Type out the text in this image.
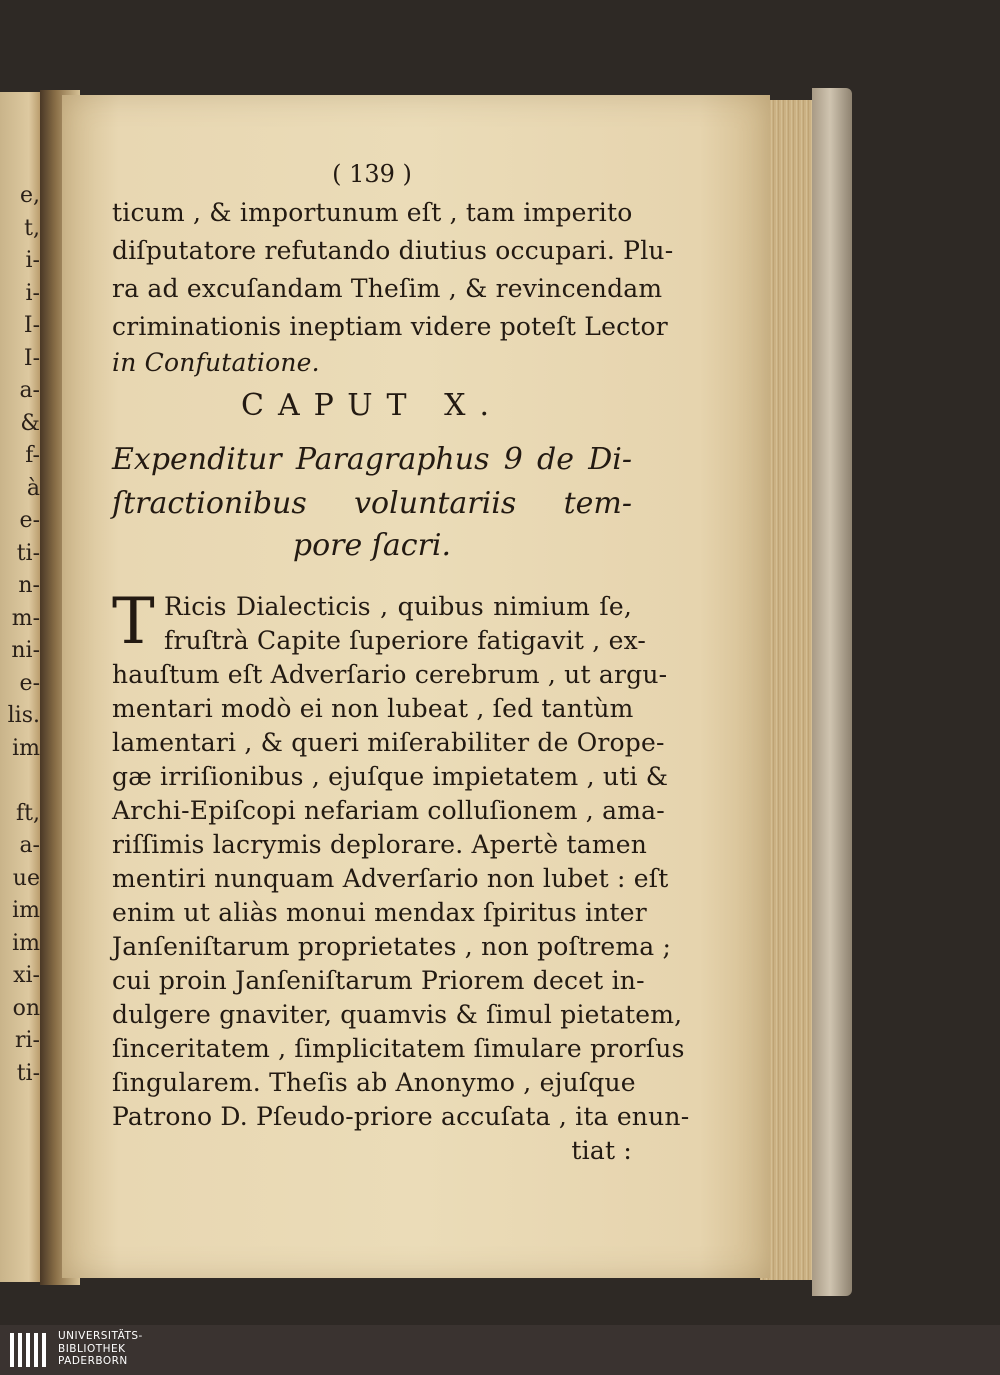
e,
t,
i-
i-
I-
I-
a-
&
f-
à
e-
ti-
n-
m-
ni-
e-
lis.
im
ft,
a-
ue
im
im
xi-
on
ri-
ti-
( 139 )
ticum , & importunum eſt , tam imperito
diſputatore refutando diutius occupari. Plu-
ra ad excuſandam Theſim , & revincendam
criminationis ineptiam videre poteſt Lector
in Confutatione.
CAPUT X.
Expenditur Paragraphus 9 de Di-
ſtractionibus voluntariis tem-
pore ſacri.
T Ricis Dialecticis , quibus nimium ſe,
fruſtrà Capite ſuperiore fatigavit , ex-
hauſtum eſt Adverſario cerebrum , ut argu-
mentari modò ei non lubeat , ſed tantùm
lamentari , & queri miſerabiliter de Oropе-
gæ irriſionibus , ejuſque impietatem , uti &
Archi-Epiſcopi nefariam colluſionem , ama-
riſſimis lacrymis deplorare. Apertè tamen
mentiri nunquam Adverſario non lubet : eſt
enim ut aliàs monui mendax ſpiritus inter
Janſeniſtarum proprietates , non poſtrema ;
cui proin Janſeniſtarum Priorem decet in-
dulgere gnaviter, quamvis & ſimul pietatem,
ſinceritatem , ſimplicitatem ſimulare prorſus
ſingularem. Theſis ab Anonymo , ejuſque
Patrono D. Pſeudo-priore accuſata , ita enun-
tiat :
UNIVERSITÄTS-
BIBLIOTHEK
PADERBORN
